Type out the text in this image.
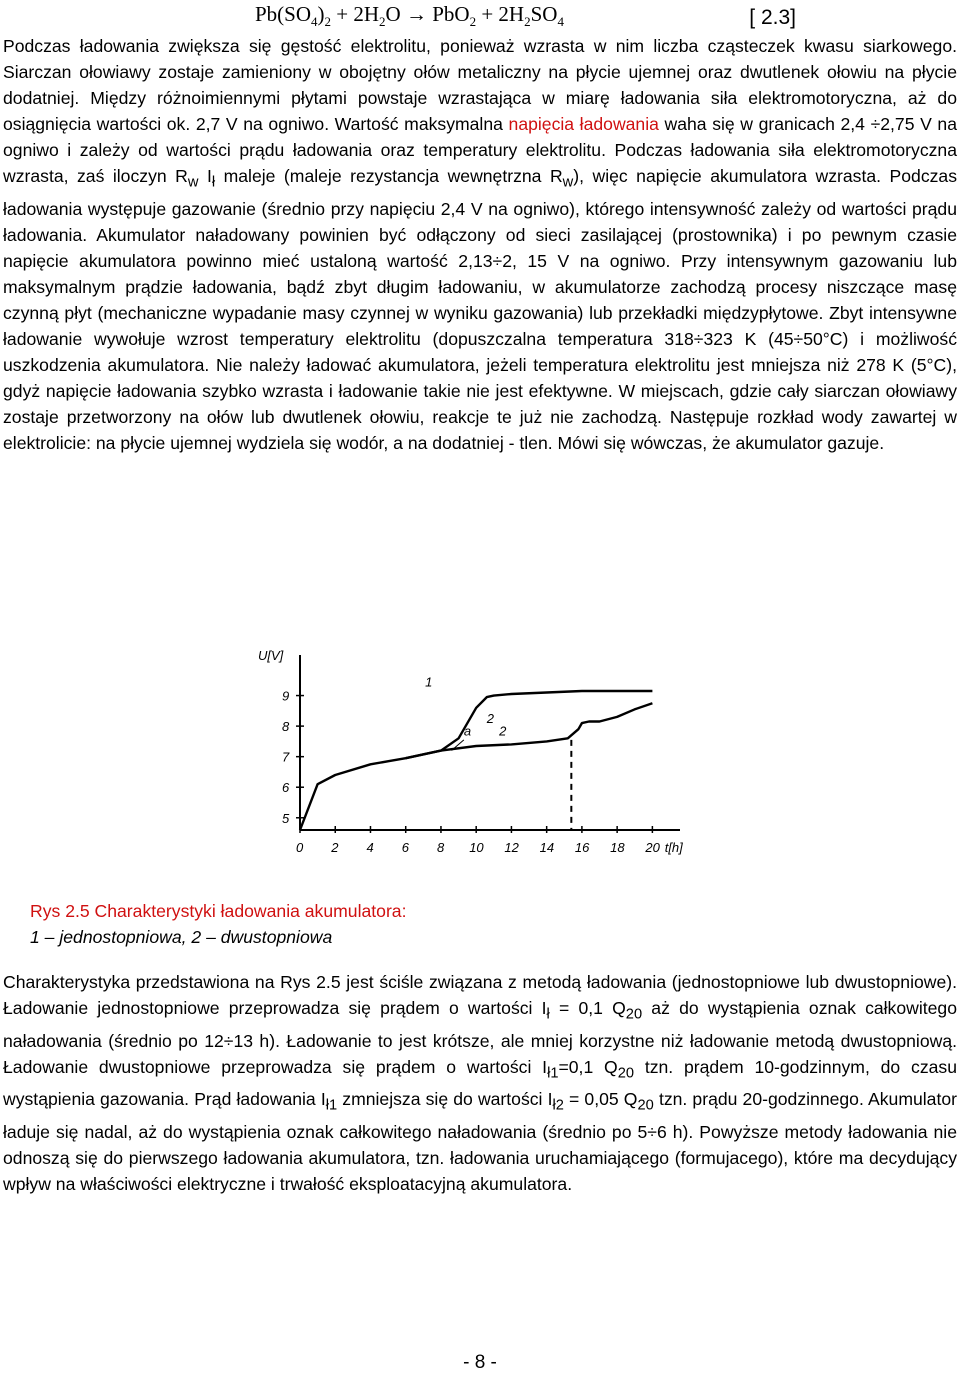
$Pb(SO_4)_2 + 2H_2O \to PbO_2 + 2H_2SO_4$	[ 2.3]

Podczas ładowania zwiększa się gęstość elektrolitu, ponieważ wzrasta w nim liczba cząsteczek kwasu siarkowego. Siarczan ołowiawy zostaje zamieniony w obojętny ołów metaliczny na płycie ujemnej oraz dwutlenek ołowiu na płycie dodatniej. Między różnoimiennymi płytami powstaje wzrastająca w miarę ładowania siła elektromotoryczna, aż do osiągnięcia wartości ok. 2,7 V na ogniwo. Wartość maksymalna napięcia ładowania waha się w granicach 2,4 ÷2,75 V na ogniwo i zależy od wartości prądu ładowania oraz temperatury elektrolitu. Podczas ładowania siła elektromotoryczna wzrasta, zaś iloczyn $R_w$ $I_ł$ maleje (maleje rezystancja wewnętrzna $R_w$), więc napięcie akumulatora wzrasta. Podczas ładowania występuje gazowanie (średnio przy napięciu 2,4 V na ogniwo), którego intensywność zależy od wartości prądu ładowania. Akumulator naładowany powinien być odłączony od sieci zasilającej (prostownika) i po pewnym czasie napięcie akumulatora powinno mieć ustaloną wartość 2,13÷2, 15 V na ogniwo. Przy intensywnym gazowaniu lub maksymalnym prądzie ładowania, bądź zbyt długim ładowaniu, w akumulatorze zachodzą procesy niszczące masę czynną płyt (mechaniczne wypadanie masy czynnej w wyniku gazowania) lub przekładki międzypłytowe. Zbyt intensywne ładowanie wywołuje wzrost temperatury elektrolitu (dopuszczalna temperatura 318÷323 K (45÷50°C) i możliwość uszkodzenia akumulatora. Nie należy ładować akumulatora, jeżeli temperatura elektrolitu jest mniejsza niż 278 K (5°C), gdyż napięcie ładowania szybko wzrasta i ładowanie takie nie jest efektywne. W miejscach, gdzie cały siarczan ołowiawy zostaje przetworzony na ołów lub dwutlenek ołowiu, reakcje te już nie zachodzą. Następuje rozkład wody zawartej w elektrolicie: na płycie ujemnej wydziela się wodór, a na dodatniej - tlen. Mówi się wówczas, że akumulator gazuje.

U[V]
5
6
7
8
9
0 2 4 6 8 10 12 14 16 18 20 t[h]
1
2
a
2
Rys 2.5 Charakterystyki ładowania akumulatora:
1 – jednostopniowa, 2 – dwustopniowa

Charakterystyka przedstawiona na Rys 2.5 jest ściśle związana z metodą ładowania (jednostopniowe lub dwustopniowe). Ładowanie jednostopniowe przeprowadza się prądem o wartości $I_ł = 0,1$ $Q_{20}$ aż do wystąpienia oznak całkowitego naładowania (średnio po 12÷13 h). Ładowanie to jest krótsze, ale mniej korzystne niż ładowanie metodą dwustopniową. Ładowanie dwustopniowe przeprowadza się prądem o wartości $I_{ł1}=0,1$ $Q_{20}$ tzn. prądem 10-godzinnym, do czasu wystąpienia gazowania. Prąd ładowania $I_{ł1}$ zmniejsza się do wartości $I_{ł2} = 0,05$ $Q_{20}$ tzn. prądu 20-godzinnego. Akumulator ładuje się nadal, aż do wystąpienia oznak całkowitego naładowania (średnio po 5÷6 h). Powyższe metody ładowania nie odnoszą się do pierwszego ładowania akumulatora, tzn. ładowania uruchamiającego (formujacego), które ma decydujący wpływ na właściwości elektryczne i trwałość eksploatacyjną akumulatora.

- 8 -
